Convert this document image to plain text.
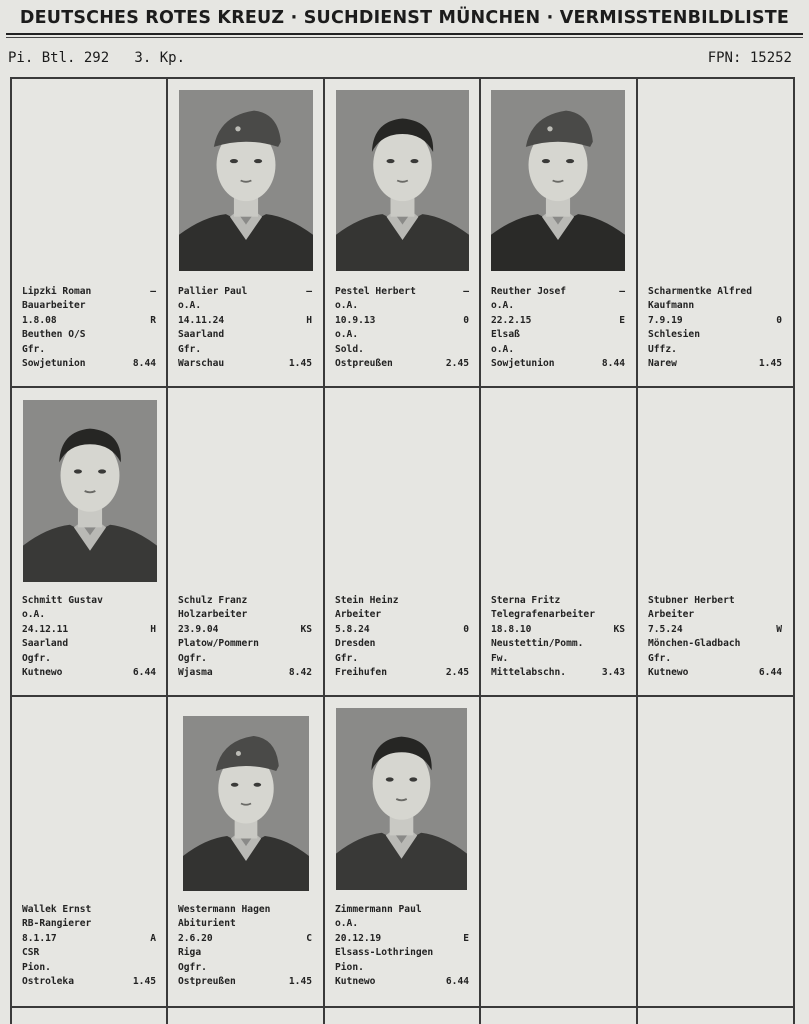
DEUTSCHES ROTES KREUZ · SUCHDIENST MÜNCHEN · VERMISSTENBILDLISTE
Pi. Btl. 292   3. Kp.	FPN: 15252
Lipzki Roman	–
Bauarbeiter
1.8.08	R
Beuthen O/S
Gfr.
Sowjetunion	8.44
Pallier Paul	–
o.A.
14.11.24	H
Saarland
Gfr.
Warschau	1.45
Pestel Herbert	–
o.A.
10.9.13	0
o.A.
Sold.
Ostpreußen	2.45
Reuther Josef	–
o.A.
22.2.15	E
Elsaß
o.A.
Sowjetunion	8.44
Scharmentke Alfred
Kaufmann
7.9.19	0
Schlesien
Uffz.
Narew	1.45
Schmitt Gustav
o.A.
24.12.11	H
Saarland
Ogfr.
Kutnewo	6.44
Schulz Franz
Holzarbeiter
23.9.04	KS
Platow/Pommern
Ogfr.
Wjasma	8.42
Stein Heinz
Arbeiter
5.8.24	0
Dresden
Gfr.
Freihufen	2.45
Sterna Fritz
Telegrafenarbeiter
18.8.10	KS
Neustettin/Pomm.
Fw.
Mittelabschn.	3.43
Stubner Herbert
Arbeiter
7.5.24	W
Mönchen-Gladbach
Gfr.
Kutnewo	6.44
Wallek Ernst
RB-Rangierer
8.1.17	A
CSR
Pion.
Ostroleka	1.45
Westermann Hagen
Abiturient
2.6.20	C
Riga
Ogfr.
Ostpreußen	1.45
Zimmermann Paul
o.A.
20.12.19	E
Elsass-Lothringen
Pion.
Kutnewo	6.44
